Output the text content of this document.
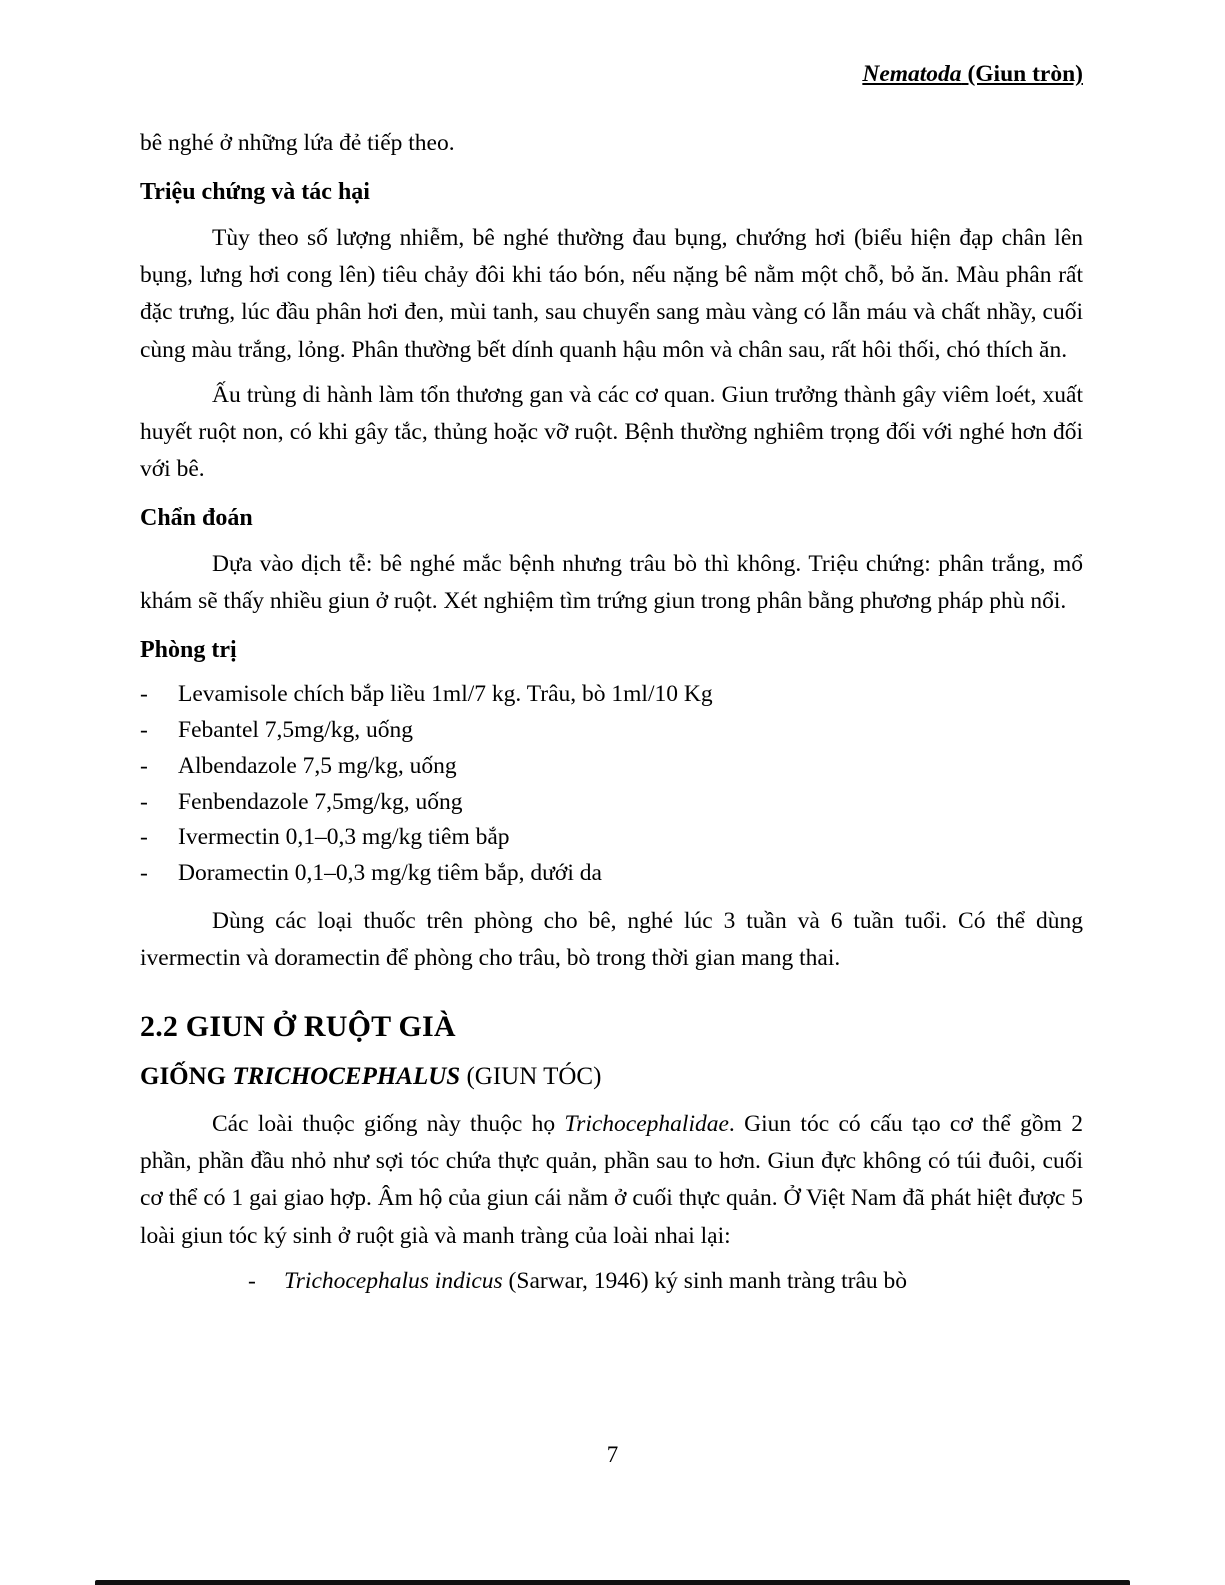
Nematoda (Giun tròn)

bê nghé ở những lứa đẻ tiếp theo.

Triệu chứng và tác hại

Tùy theo số lượng nhiễm, bê nghé thường đau bụng, chướng hơi (biểu hiện đạp chân lên bụng, lưng hơi cong lên) tiêu chảy đôi khi táo bón, nếu nặng bê nằm một chỗ, bỏ ăn. Màu phân rất đặc trưng, lúc đầu phân hơi đen, mùi tanh, sau chuyển sang màu vàng có lẫn máu và chất nhầy, cuối cùng màu trắng, lỏng. Phân thường bết dính quanh hậu môn và chân sau, rất hôi thối, chó thích ăn.

Ấu trùng di hành làm tổn thương gan và các cơ quan. Giun trưởng thành gây viêm loét, xuất huyết ruột non, có khi gây tắc, thủng hoặc vỡ ruột. Bệnh thường nghiêm trọng đối với nghé hơn đối với bê.

Chẩn đoán

Dựa vào dịch tễ: bê nghé mắc bệnh nhưng trâu bò thì không. Triệu chứng: phân trắng, mổ khám sẽ thấy nhiều giun ở ruột. Xét nghiệm tìm trứng giun trong phân bằng phương pháp phù nổi.

Phòng trị
-	Levamisole chích bắp liều 1ml/7 kg. Trâu, bò 1ml/10 Kg
-	Febantel 7,5mg/kg, uống
-	Albendazole 7,5 mg/kg, uống
-	Fenbendazole 7,5mg/kg, uống
-	Ivermectin 0,1–0,3 mg/kg tiêm bắp
-	Doramectin 0,1–0,3 mg/kg tiêm bắp, dưới da

Dùng các loại thuốc trên phòng cho bê, nghé lúc 3 tuần và 6 tuần tuổi. Có thể dùng ivermectin và doramectin để phòng cho trâu, bò trong thời gian mang thai.

2.2 GIUN Ở RUỘT GIÀ
GIỐNG TRICHOCEPHALUS (GIUN TÓC)

Các loài thuộc giống này thuộc họ Trichocephalidae. Giun tóc có cấu tạo cơ thể gồm 2 phần, phần đầu nhỏ như sợi tóc chứa thực quản, phần sau to hơn. Giun đực không có túi đuôi, cuối cơ thể có 1 gai giao hợp. Âm hộ của giun cái nằm ở cuối thực quản. Ở Việt Nam đã phát hiệt được 5 loài giun tóc ký sinh ở ruột già và manh tràng của loài nhai lại:

-	Trichocephalus indicus (Sarwar, 1946) ký sinh manh tràng trâu bò
7
